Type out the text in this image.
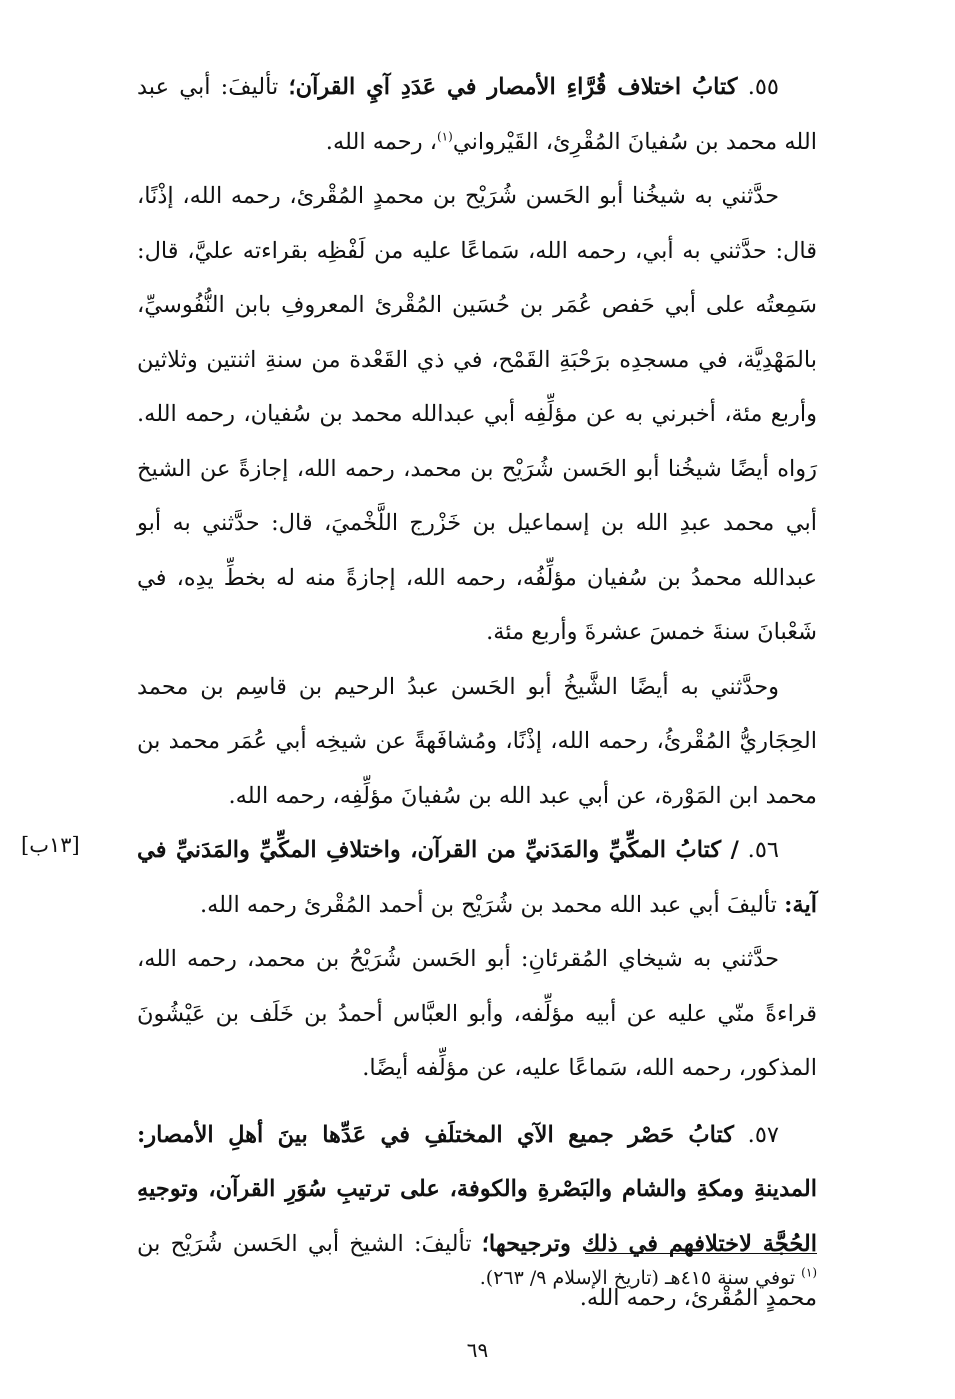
٥٥. كتابُ اختلاف قُرَّاءِ الأمصار في عَدَدِ آيِ القرآن؛ تأليفَ: أبي عبد الله محمد بن سُفيانَ المُقْرِئ، القَيْرواني$^{(١)}$، رحمه الله.

حدَّثني به شيخُنا أبو الحَسن شُرَيْح بن محمدٍ المُقْرئ، رحمه الله، إذْنًا، قال: حدَّثني به أبي، رحمه الله، سَماعًا عليه من لَفْظِه بقراءته عليَّ، قال: سَمِعتُه على أبي حَفص عُمَر بن حُسَين المُقْرئ المعروفِ بابن النُّفُوسيِّ، بالمَهْدِيَّة، في مسجدِه برَحْبَةِ القَمْح، في ذي القَعْدة من سنةِ اثنتين وثلاثين وأربع مئة، أخبرني به عن مؤلِّفِه أبي عبدالله محمد بن سُفيان، رحمه الله. رَواه أيضًا شيخُنا أبو الحَسن شُرَيْح بن محمد، رحمه الله، إجازةً عن الشيخ أبي محمد عبدِ الله بن إسماعيل بن خَزْرج اللَّخْميَ، قال: حدَّثني به أبو عبدالله محمدُ بن سُفيان مؤلِّفُه، رحمه الله، إجازةً منه له بخطِّ يدِه، في شَعْبانَ سنةَ خمسَ عشرةَ وأربع مئة.

وحدَّثني به أيضًا الشَّيخُ أبو الحَسن عبدُ الرحيم بن قاسِم بن محمد الحِجَاريُّ المُقْرئُ، رحمه الله، إذْنًا، ومُشافَهةً عن شيخِه أبي عُمَر محمد بن محمد ابن المَوْرة، عن أبي عبد الله بن سُفيانَ مؤلِّفِه، رحمه الله.

[١٣ب]	٥٦. / كتابُ المكِّيِّ والمَدَنيِّ من القرآن، واختلافِ المكِّيِّ والمَدَنيِّ في آية: تأليفَ أبي عبد الله محمد بن شُرَيْح بن أحمد المُقْرئ رحمه الله.

حدَّثني به شيخاي المُقرئانِ: أبو الحَسن شُرَيْحُ بن محمد، رحمه الله، قراءةً منّي عليه عن أبيه مؤلِّفه، وأبو العبَّاس أحمدُ بن خَلَف بن عَيْشُونَ المذكور، رحمه الله، سَماعًا عليه، عن مؤلِّفه أيضًا.

٥٧. كتابُ حَصْر جميع الآي المختلَفِ في عَدِّها بينَ أهلِ الأمصار: المدينةِ ومكةِ والشام والبَصْرةِ والكوفة، على ترتيبِ سُوَرِ القرآن، وتوجيهِ الحُجَّة لاختلافهم في ذلك وترجيحها؛ تأليفَ: الشيخ أبي الحَسن شُرَيْح بن محمدٍ المُقْرئ، رحمه الله.

$^{(١)}$ توفي سنة ٤١٥هـ (تاريخ الإسلام ٩/ ٢٦٣).
٦٩
